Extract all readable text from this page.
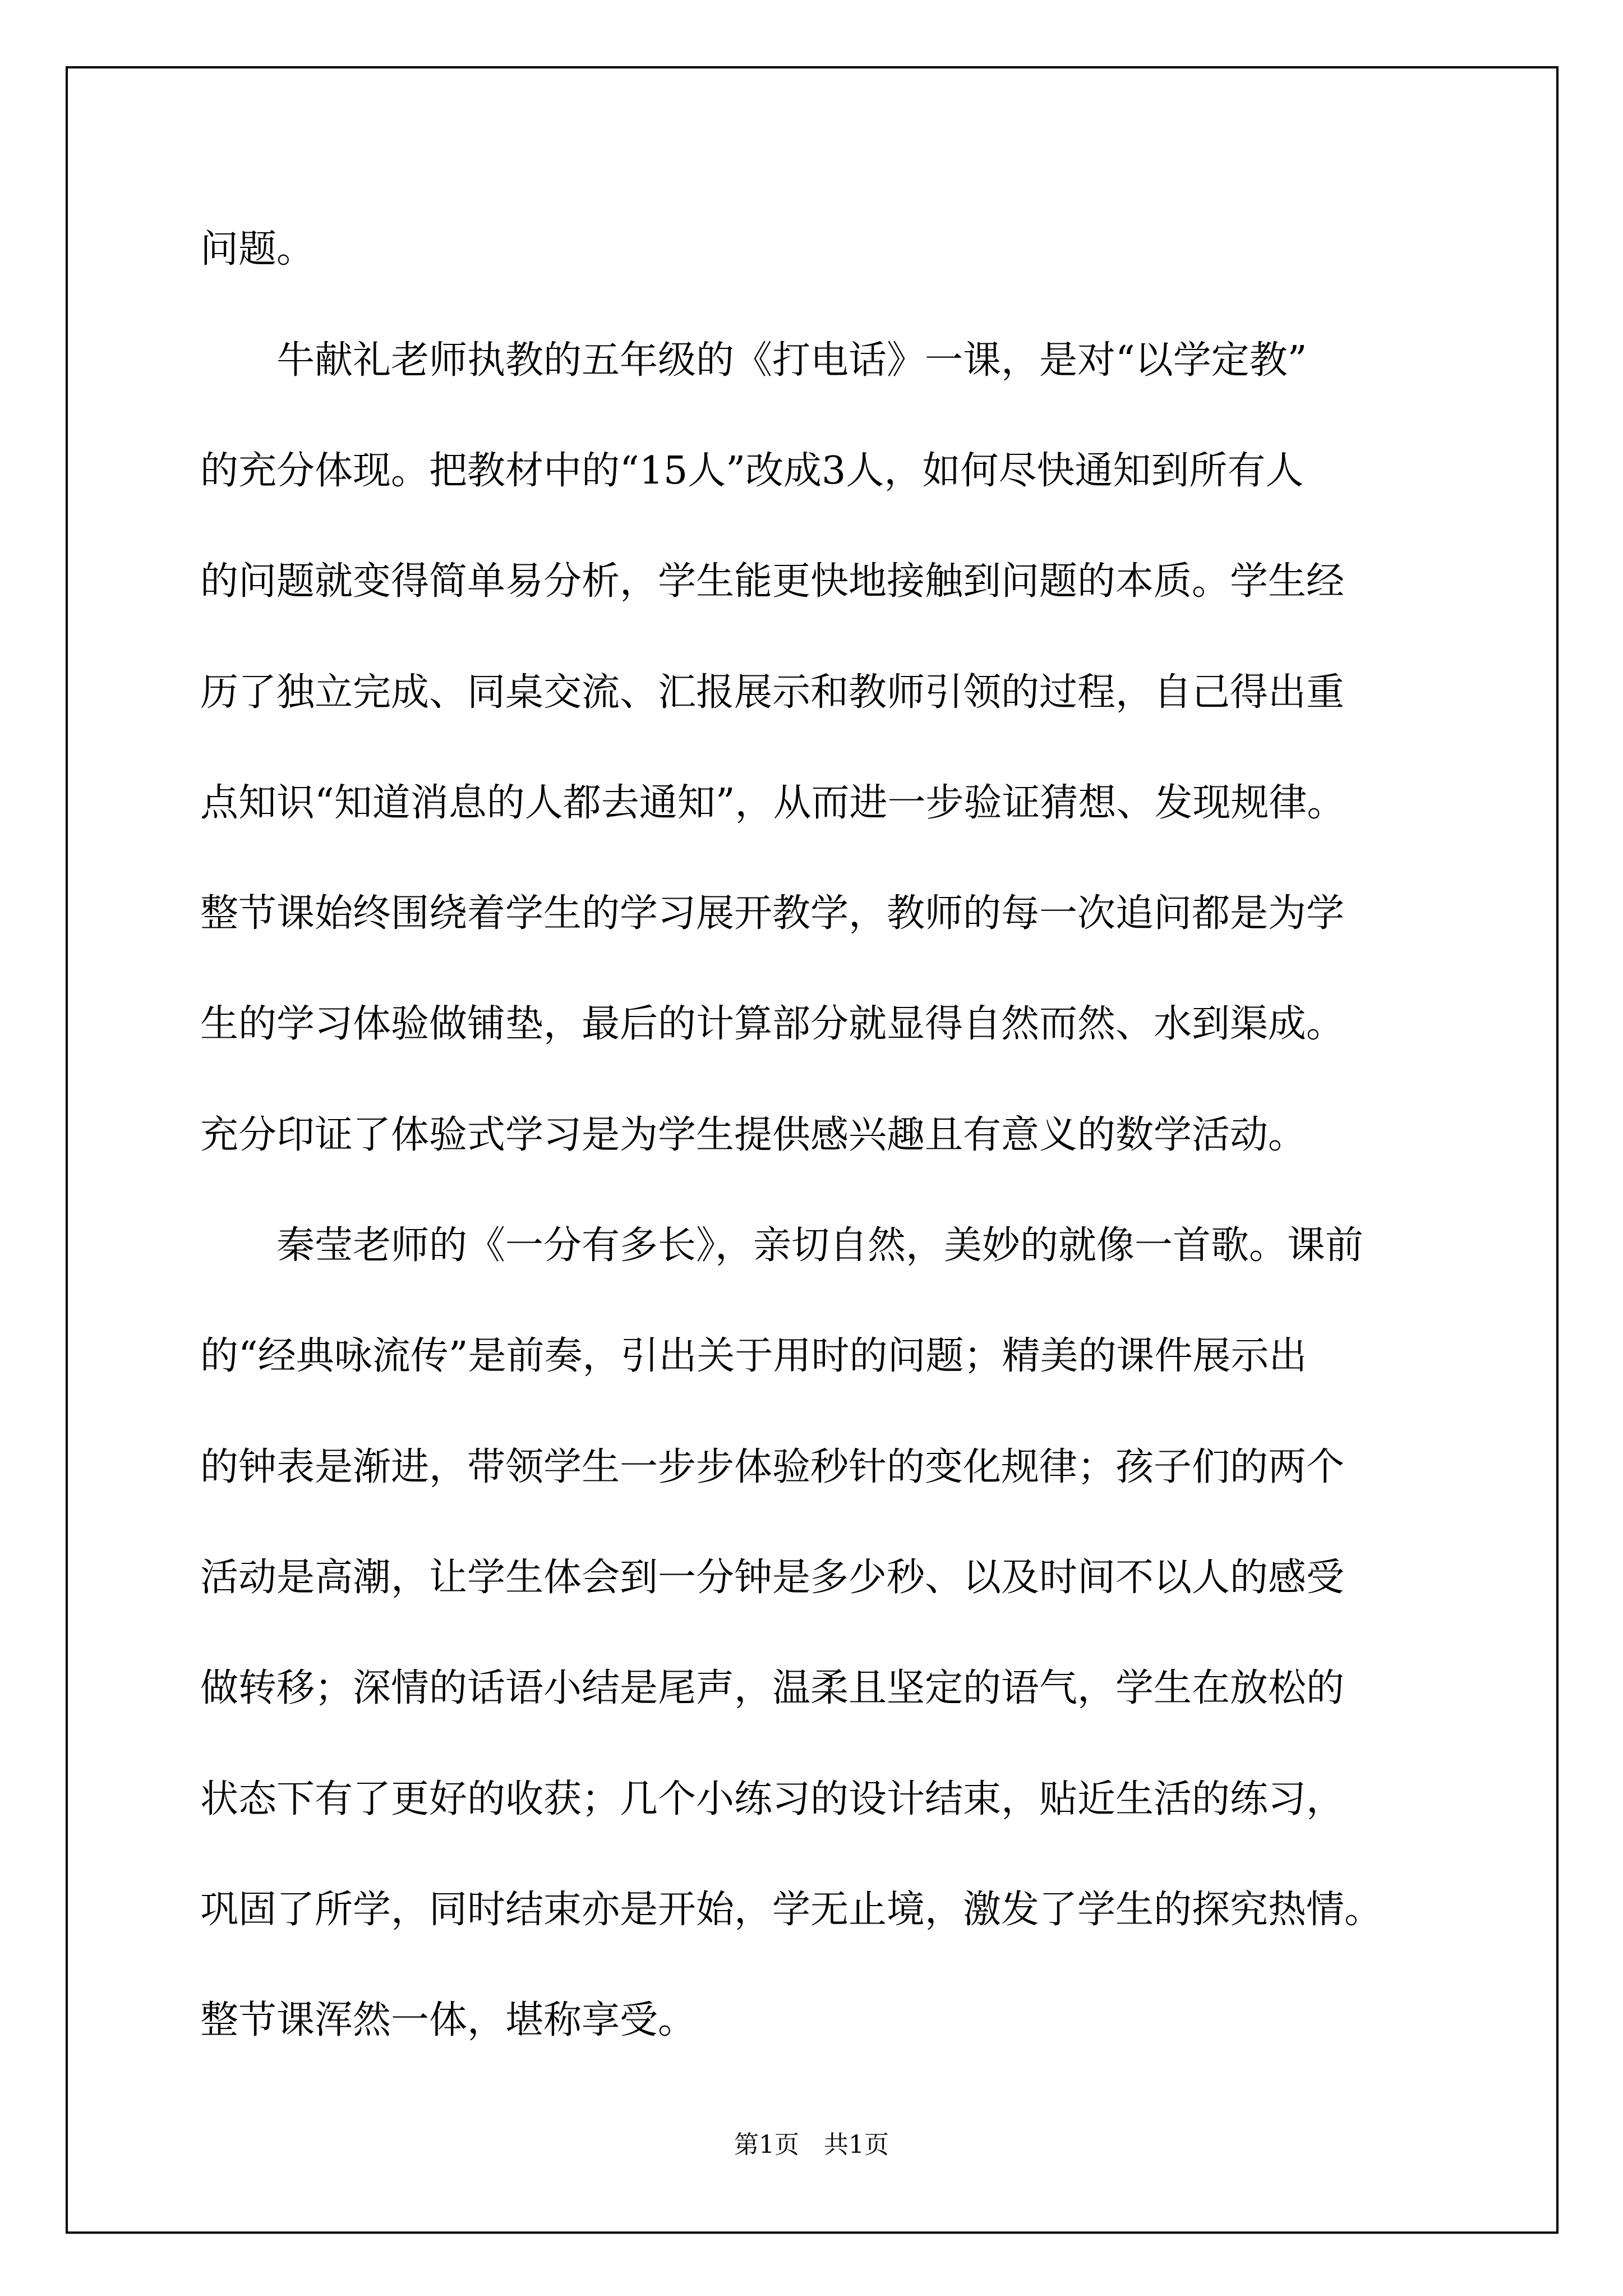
问题。
　　牛献礼老师执教的五年级的《打电话》一课，是对“以学定教”
的充分体现。把教材中的“15人”改成3人，如何尽快通知到所有人
的问题就变得简单易分析，学生能更快地接触到问题的本质。学生经
历了独立完成、同桌交流、汇报展示和教师引领的过程，自己得出重
点知识“知道消息的人都去通知”，从而进一步验证猜想、发现规律。
整节课始终围绕着学生的学习展开教学，教师的每一次追问都是为学
生的学习体验做铺垫，最后的计算部分就显得自然而然、水到渠成。
充分印证了体验式学习是为学生提供感兴趣且有意义的数学活动。
　　秦莹老师的《一分有多长》，亲切自然，美妙的就像一首歌。课前
的“经典咏流传”是前奏，引出关于用时的问题；精美的课件展示出
的钟表是渐进，带领学生一步步体验秒针的变化规律；孩子们的两个
活动是高潮，让学生体会到一分钟是多少秒、以及时间不以人的感受
做转移；深情的话语小结是尾声，温柔且坚定的语气，学生在放松的
状态下有了更好的收获；几个小练习的设计结束，贴近生活的练习，
巩固了所学，同时结束亦是开始，学无止境，激发了学生的探究热情。
整节课浑然一体，堪称享受。
第1页　共1页
